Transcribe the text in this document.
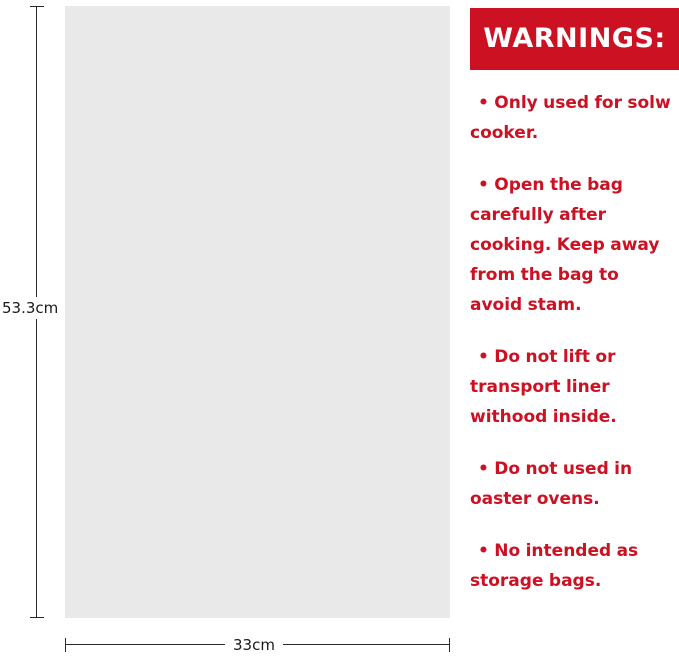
53.3cm
33cm
WARNINGS:
• Only used for solw cooker.
• Open the bag carefully after cooking. Keep away from the bag to avoid stam.
• Do not lift or transport liner withood inside.
• Do not used in oaster ovens.
• No intended as storage bags.
